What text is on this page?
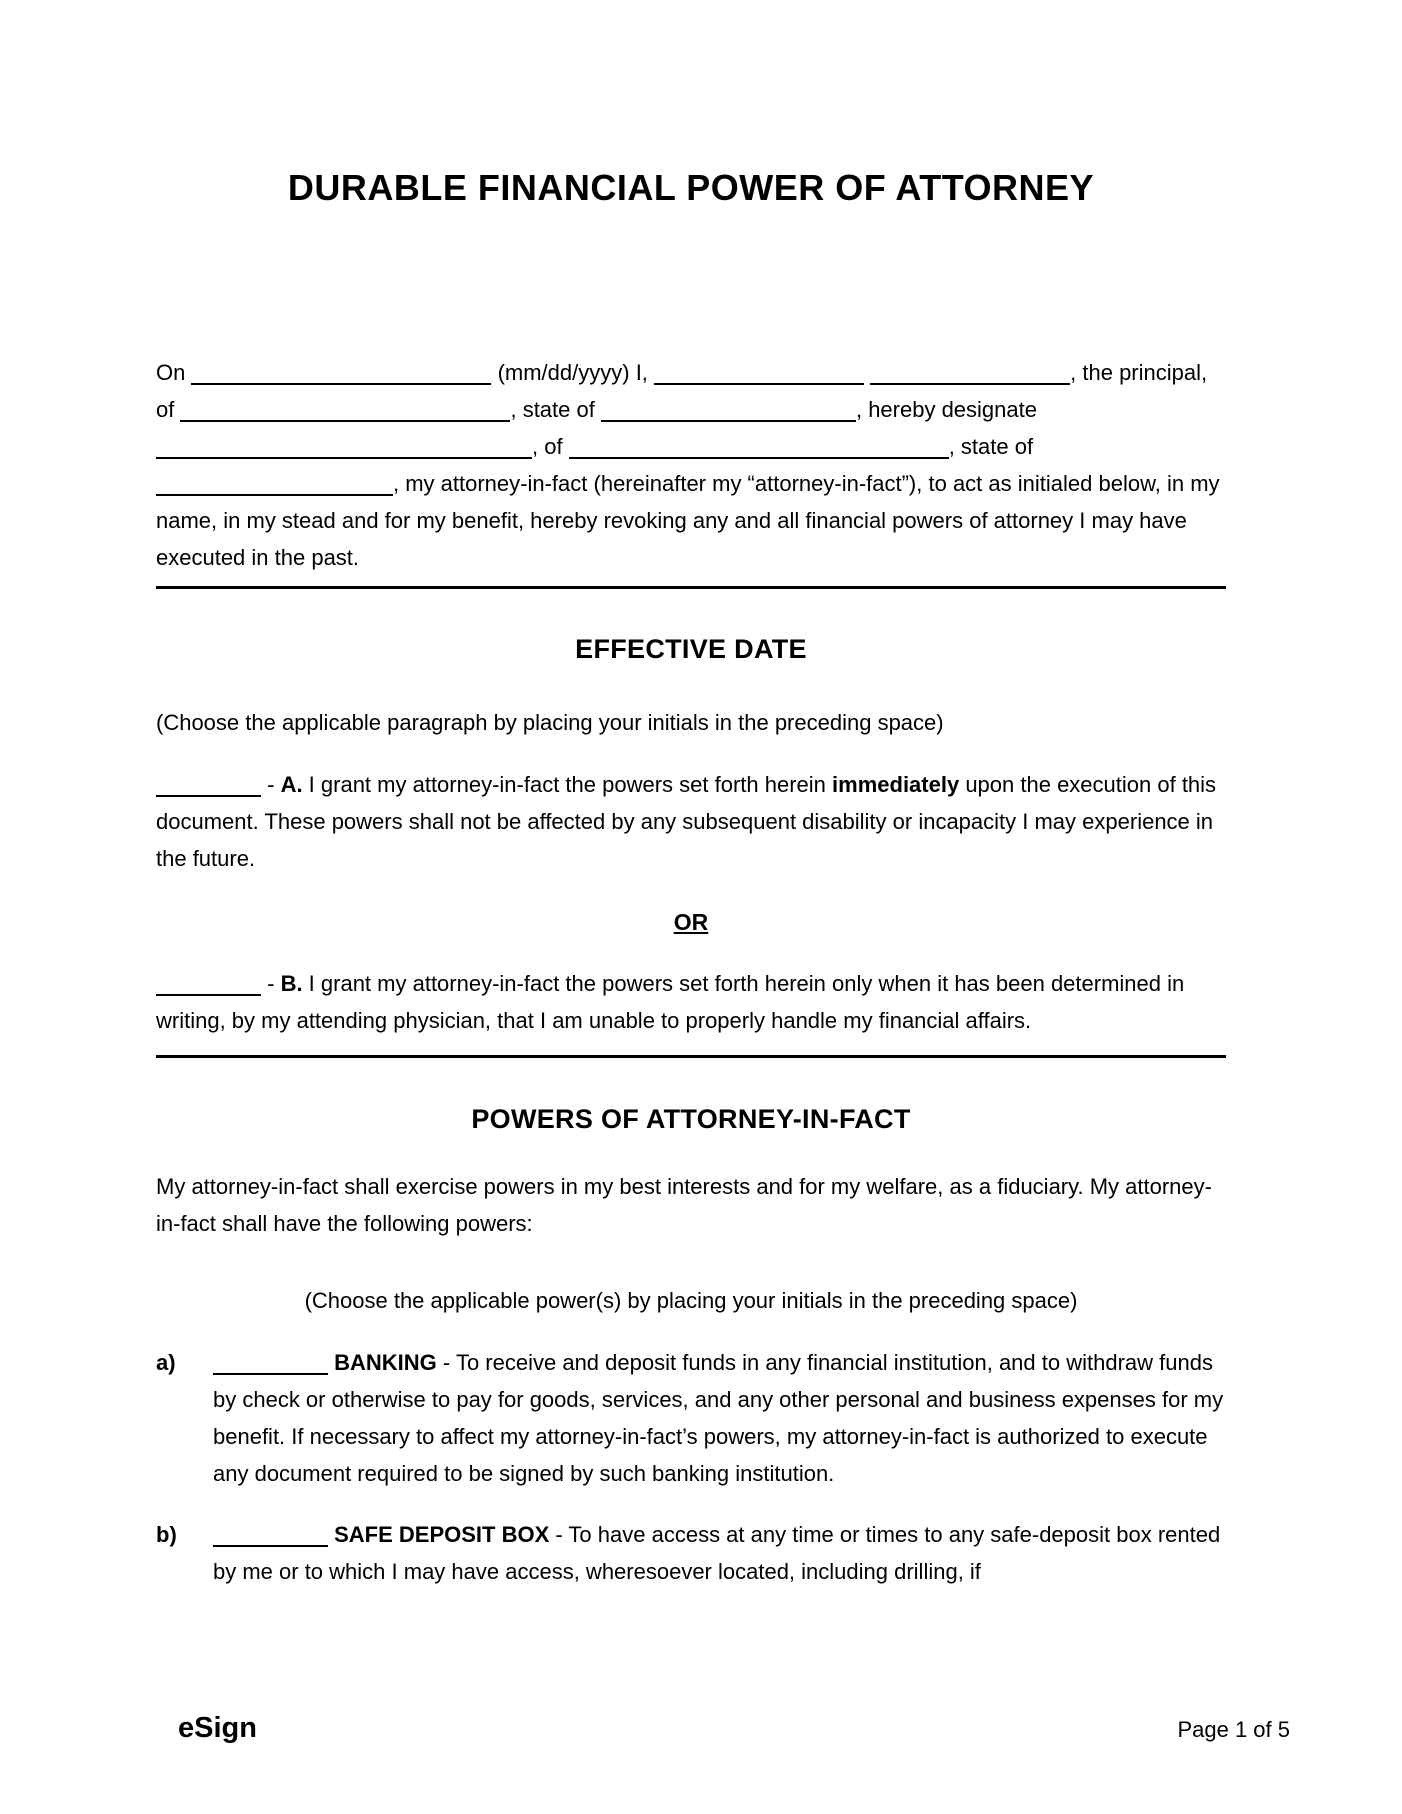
DURABLE FINANCIAL POWER OF ATTORNEY

On	(mm/dd/yyyy) I,	, the principal, of	, state of	, hereby designate , of	, state of , my attorney-in-fact (hereinafter my “attorney-in-fact”), to act as initialed below, in my name, in my stead and for my benefit, hereby revoking any and all financial powers of attorney I may have executed in the past.

EFFECTIVE DATE

(Choose the applicable paragraph by placing your initials in the preceding space)

- A. I grant my attorney-in-fact the powers set forth herein immediately upon the execution of this document. These powers shall not be affected by any subsequent disability or incapacity I may experience in the future.

OR

- B. I grant my attorney-in-fact the powers set forth herein only when it has been determined in writing, by my attending physician, that I am unable to properly handle my financial affairs.

POWERS OF ATTORNEY-IN-FACT

My attorney-in-fact shall exercise powers in my best interests and for my welfare, as a fiduciary. My attorney-in-fact shall have the following powers:

(Choose the applicable power(s) by placing your initials in the preceding space)

a)	BANKING - To receive and deposit funds in any financial institution, and to withdraw funds by check or otherwise to pay for goods, services, and any other personal and business expenses for my benefit. If necessary to affect my attorney-in-fact’s powers, my attorney-in-fact is authorized to execute any document required to be signed by such banking institution.
b)	SAFE DEPOSIT BOX - To have access at any time or times to any safe-deposit box rented by me or to which I may have access, wheresoever located, including drilling, if
eSign	Page 1 of 5
